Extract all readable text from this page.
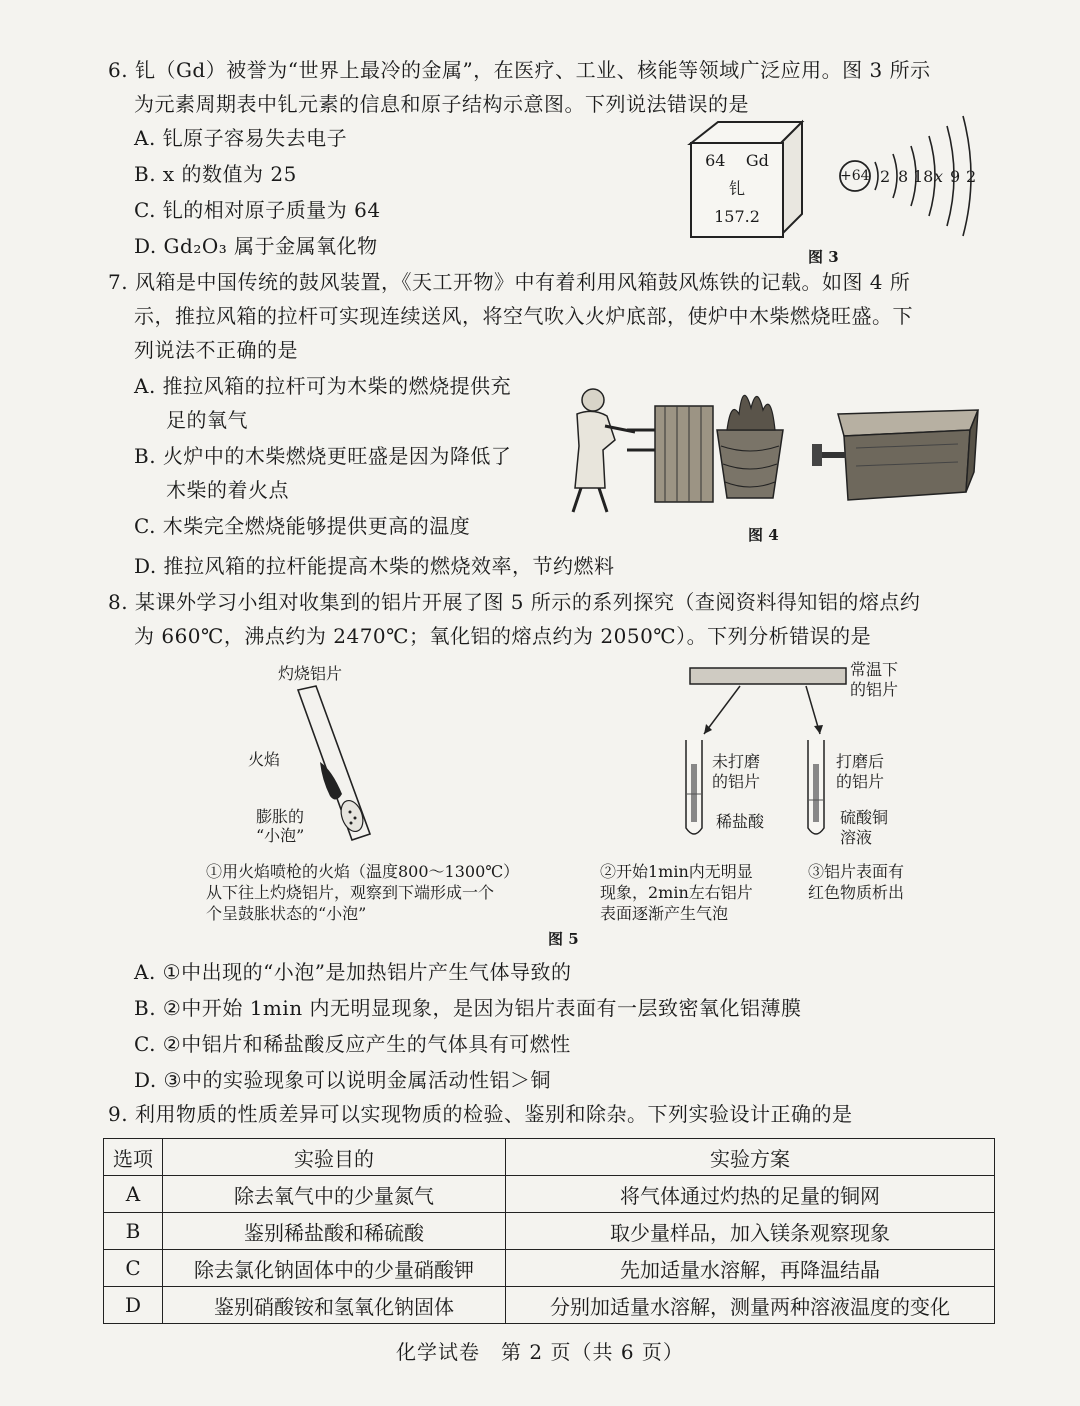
6. 钆（Gd）被誉为“世界上最冷的金属”，在医疗、工业、核能等领域广泛应用。图 3 所示
为元素周期表中钆元素的信息和原子结构示意图。下列说法错误的是
A. 钆原子容易失去电子
B. x 的数值为 25
C. 钆的相对原子质量为 64
D. Gd₂O₃ 属于金属氧化物
64 Gd
钆
157.2
+64 2 8 18 x 9 2
图 3
7. 风箱是中国传统的鼓风装置，《天工开物》中有着利用风箱鼓风炼铁的记载。如图 4 所
示，推拉风箱的拉杆可实现连续送风，将空气吹入火炉底部，使炉中木柴燃烧旺盛。下
列说法不正确的是
A. 推拉风箱的拉杆可为木柴的燃烧提供充
足的氧气
B. 火炉中的木柴燃烧更旺盛是因为降低了
木柴的着火点
C. 木柴完全燃烧能够提供更高的温度
D. 推拉风箱的拉杆能提高木柴的燃烧效率，节约燃料
图 4
8. 某课外学习小组对收集到的铝片开展了图 5 所示的系列探究（查阅资料得知铝的熔点约
为 660℃，沸点约为 2470℃；氧化铝的熔点约为 2050℃）。下列分析错误的是
灼烧铝片
火焰
膨胀的
“小泡”
①用火焰喷枪的火焰（温度800～1300℃）
从下往上灼烧铝片，观察到下端形成一个
个呈鼓胀状态的“小泡”
常温下
的铝片
未打磨
的铝片
稀盐酸
打磨后
的铝片
硫酸铜
溶液
②开始1min内无明显
现象，2min左右铝片
表面逐渐产生气泡
③铝片表面有
红色物质析出
图 5
A. ①中出现的“小泡”是加热铝片产生气体导致的
B. ②中开始 1min 内无明显现象，是因为铝片表面有一层致密氧化铝薄膜
C. ②中铝片和稀盐酸反应产生的气体具有可燃性
D. ③中的实验现象可以说明金属活动性铝＞铜
9. 利用物质的性质差异可以实现物质的检验、鉴别和除杂。下列实验设计正确的是
选项	实验目的	实验方案
A	除去氧气中的少量氮气	将气体通过灼热的足量的铜网
B	鉴别稀盐酸和稀硫酸	取少量样品，加入镁条观察现象
C	除去氯化钠固体中的少量硝酸钾	先加适量水溶解，再降温结晶
D	鉴别硝酸铵和氢氧化钠固体	分别加适量水溶解，测量两种溶液温度的变化
化学试卷　第 2 页（共 6 页）
